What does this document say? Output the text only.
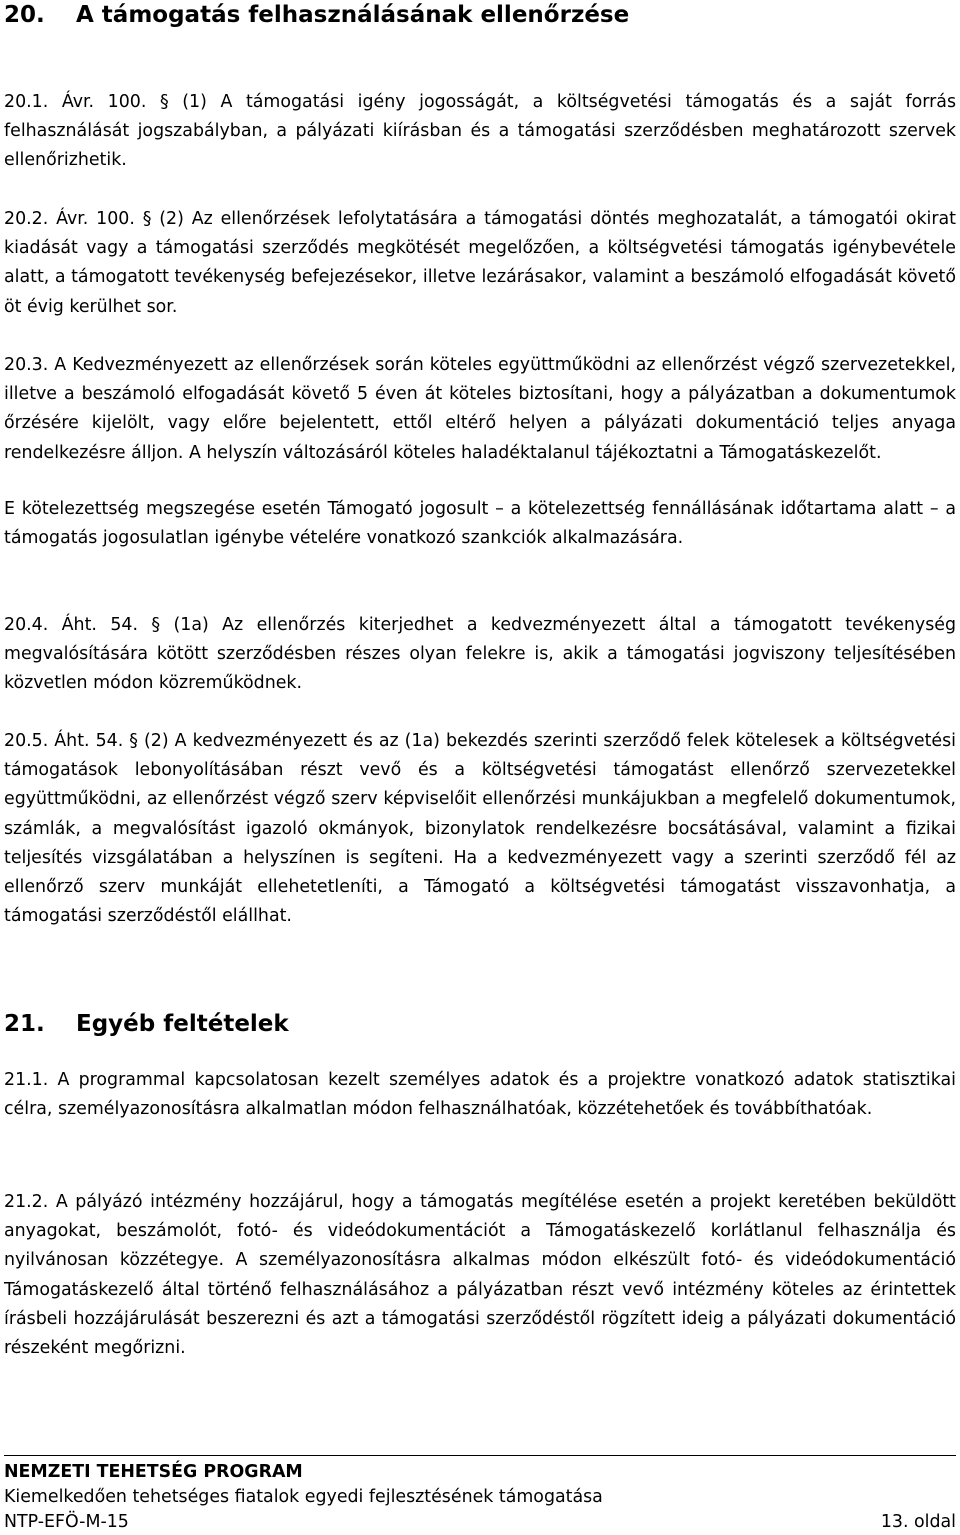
20. A támogatás felhasználásának ellenőrzése

20.1. Ávr. 100. § (1) A támogatási igény jogosságát, a költségvetési támogatás és a saját forrás felhasználását jogszabályban, a pályázati kiírásban és a támogatási szerződésben meghatározott szervek ellenőrizhetik.

20.2. Ávr. 100. § (2) Az ellenőrzések lefolytatására a támogatási döntés meghozatalát, a támogatói okirat kiadását vagy a támogatási szerződés megkötését megelőzően, a költségvetési támogatás igénybevétele alatt, a támogatott tevékenység befejezésekor, illetve lezárásakor, valamint a beszámoló elfogadását követő öt évig kerülhet sor.

20.3. A Kedvezményezett az ellenőrzések során köteles együttműködni az ellenőrzést végző szervezetekkel, illetve a beszámoló elfogadását követő 5 éven át köteles biztosítani, hogy a pályázatban a dokumentumok őrzésére kijelölt, vagy előre bejelentett, ettől eltérő helyen a pályázati dokumentáció teljes anyaga rendelkezésre álljon. A helyszín változásáról köteles haladéktalanul tájékoztatni a Támogatáskezelőt.

E kötelezettség megszegése esetén Támogató jogosult – a kötelezettség fennállásának időtartama alatt – a támogatás jogosulatlan igénybe vételére vonatkozó szankciók alkalmazására.

20.4. Áht. 54. § (1a) Az ellenőrzés kiterjedhet a kedvezményezett által a támogatott tevékenység megvalósítására kötött szerződésben részes olyan felekre is, akik a támogatási jogviszony teljesítésében közvetlen módon közreműködnek.

20.5. Áht. 54. § (2) A kedvezményezett és az (1a) bekezdés szerinti szerződő felek kötelesek a költségvetési támogatások lebonyolításában részt vevő és a költségvetési támogatást ellenőrző szervezetekkel együttműködni, az ellenőrzést végző szerv képviselőit ellenőrzési munkájukban a megfelelő dokumentumok, számlák, a megvalósítást igazoló okmányok, bizonylatok rendelkezésre bocsátásával, valamint a fizikai teljesítés vizsgálatában a helyszínen is segíteni. Ha a kedvezményezett vagy a szerinti szerződő fél az ellenőrző szerv munkáját ellehetetleníti, a Támogató a költségvetési támogatást visszavonhatja, a támogatási szerződéstől elállhat.

21. Egyéb feltételek

21.1. A programmal kapcsolatosan kezelt személyes adatok és a projektre vonatkozó adatok statisztikai célra, személyazonosításra alkalmatlan módon felhasználhatóak, közzétehetőek és továbbíthatóak.

21.2. A pályázó intézmény hozzájárul, hogy a támogatás megítélése esetén a projekt keretében beküldött anyagokat, beszámolót, fotó- és videódokumentációt a Támogatáskezelő korlátlanul felhasználja és nyilvánosan közzétegye. A személyazonosításra alkalmas módon elkészült fotó- és videódokumentáció Támogatáskezelő által történő felhasználásához a pályázatban részt vevő intézmény köteles az érintettek írásbeli hozzájárulását beszerezni és azt a támogatási szerződéstől rögzített ideig a pályázati dokumentáció részeként megőrizni.

NEMZETI TEHETSÉG PROGRAM
Kiemelkedően tehetséges fiatalok egyedi fejlesztésének támogatása
NTP-EFÖ-M-15	13. oldal
